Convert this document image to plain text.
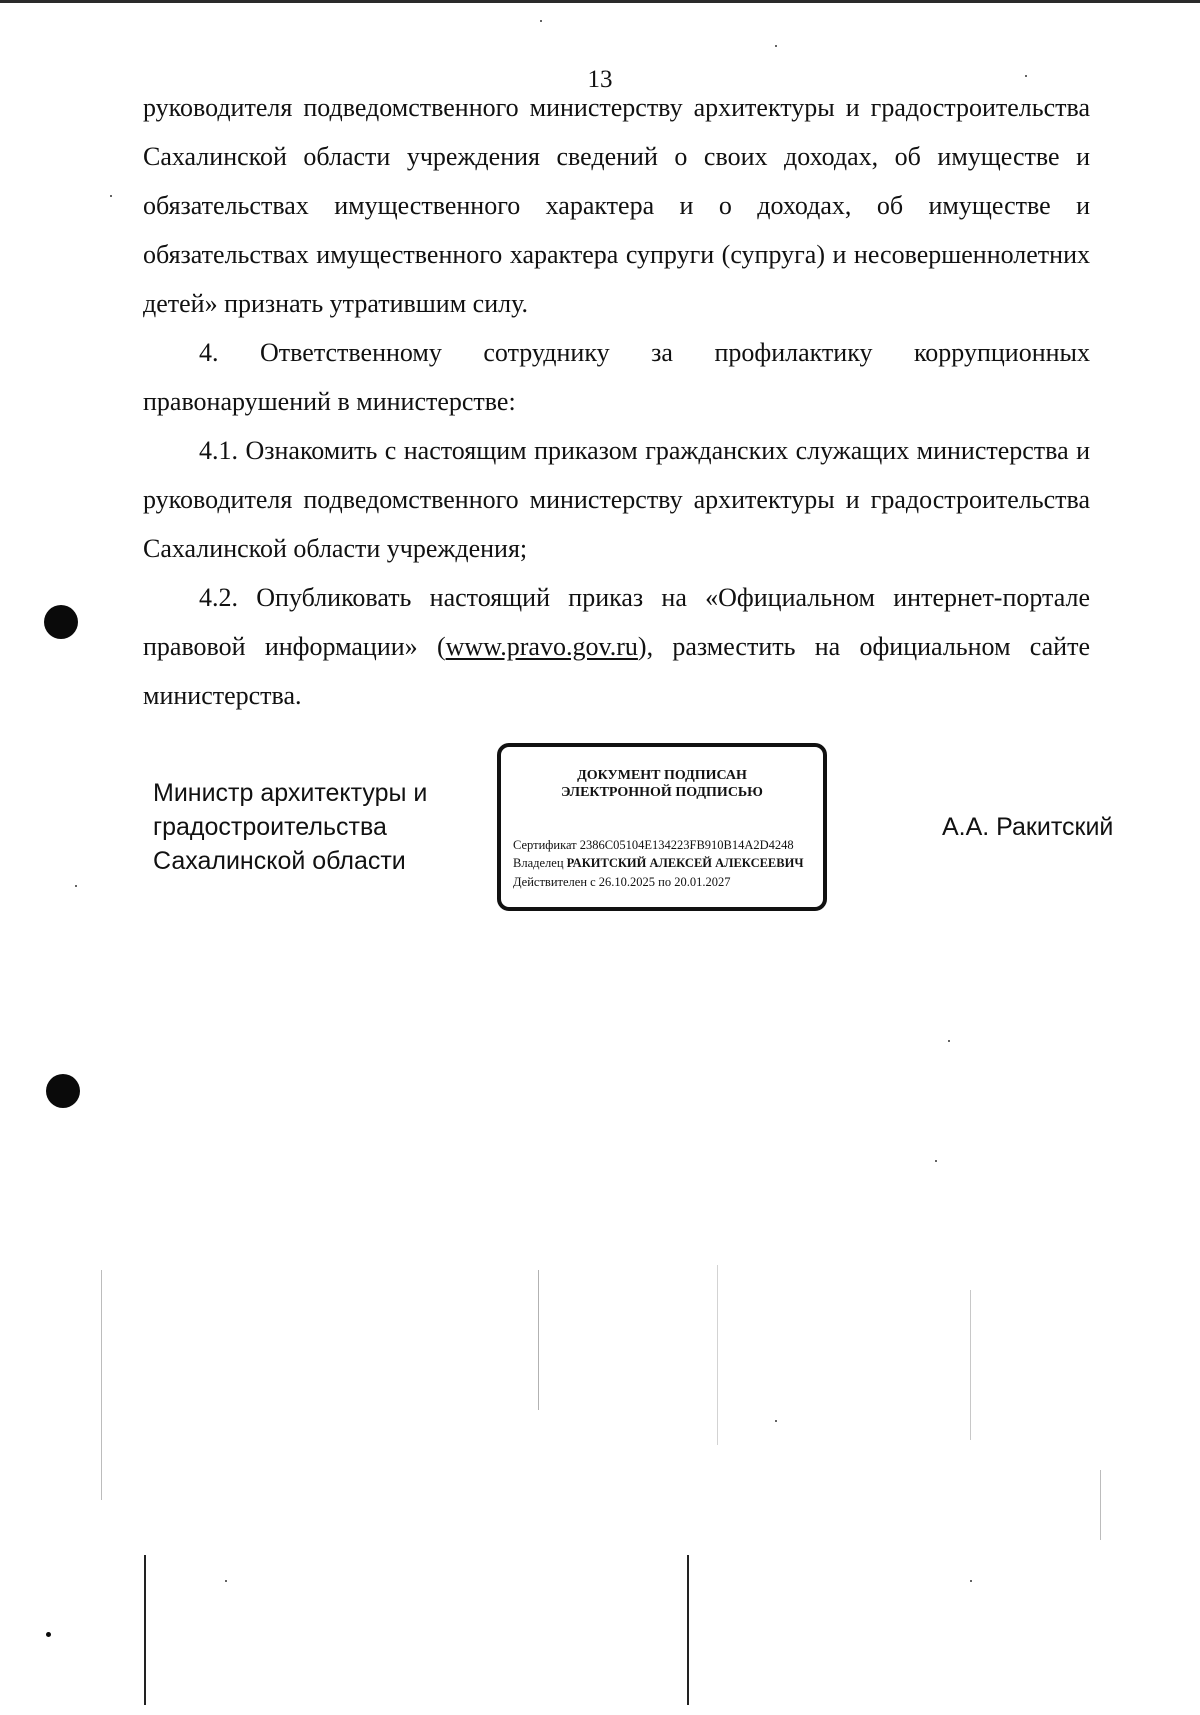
13

руководителя подведомственного министерству архитектуры и градостроительства Сахалинской области учреждения сведений о своих доходах, об имуществе и обязательствах имущественного характера и о доходах, об имуществе и обязательствах имущественного характера супруги (супруга) и несовершеннолетних детей» признать утратившим силу.

4. Ответственному сотруднику за профилактику коррупционных правонарушений в министерстве:

4.1. Ознакомить с настоящим приказом гражданских служащих министерства и руководителя подведомственного министерству архитектуры и градостроительства Сахалинской области учреждения;

4.2. Опубликовать настоящий приказ на «Официальном интернет-портале правовой информации» (www.pravo.gov.ru), разместить на официальном сайте министерства.

Министр архитектуры и
градостроительства
Сахалинской области
ДОКУМЕНТ ПОДПИСАН
ЭЛЕКТРОННОЙ ПОДПИСЬЮ
Сертификат 2386C05104E134223FB910B14A2D4248
Владелец РАКИТСКИЙ АЛЕКСЕЙ АЛЕКСЕЕВИЧ
Действителен с 26.10.2025 по 20.01.2027
А.А. Ракитский
